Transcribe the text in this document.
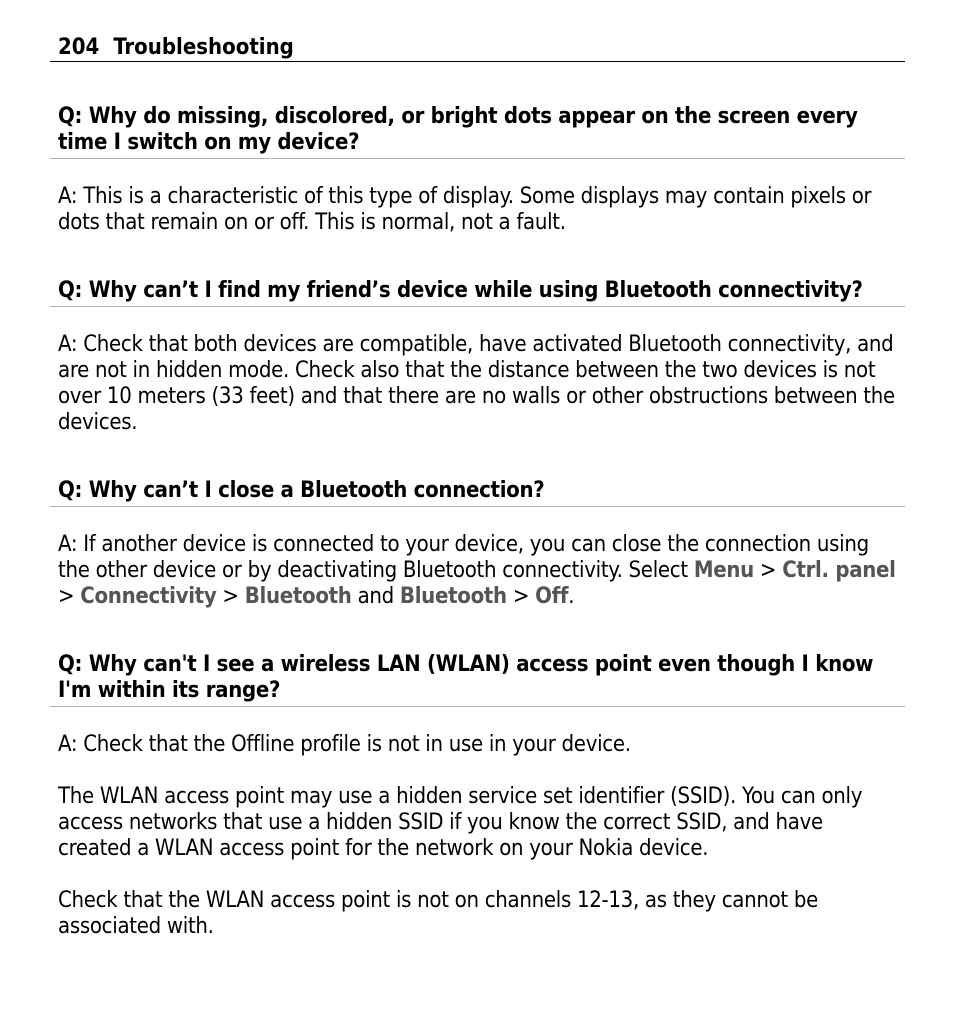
204 Troubleshooting
Q: Why do missing, discolored, or bright dots appear on the screen every time I switch on my device?
A: This is a characteristic of this type of display. Some displays may contain pixels or dots that remain on or off. This is normal, not a fault.
Q: Why can’t I find my friend’s device while using Bluetooth connectivity?
A: Check that both devices are compatible, have activated Bluetooth connectivity, and are not in hidden mode. Check also that the distance between the two devices is not over 10 meters (33 feet) and that there are no walls or other obstructions between the devices.
Q: Why can’t I close a Bluetooth connection?
A: If another device is connected to your device, you can close the connection using the other device or by deactivating Bluetooth connectivity. Select Menu > Ctrl. panel > Connectivity > Bluetooth and Bluetooth > Off.
Q: Why can't I see a wireless LAN (WLAN) access point even though I know I'm within its range?
A: Check that the Offline profile is not in use in your device.
The WLAN access point may use a hidden service set identifier (SSID). You can only access networks that use a hidden SSID if you know the correct SSID, and have created a WLAN access point for the network on your Nokia device.
Check that the WLAN access point is not on channels 12-13, as they cannot be associated with.
